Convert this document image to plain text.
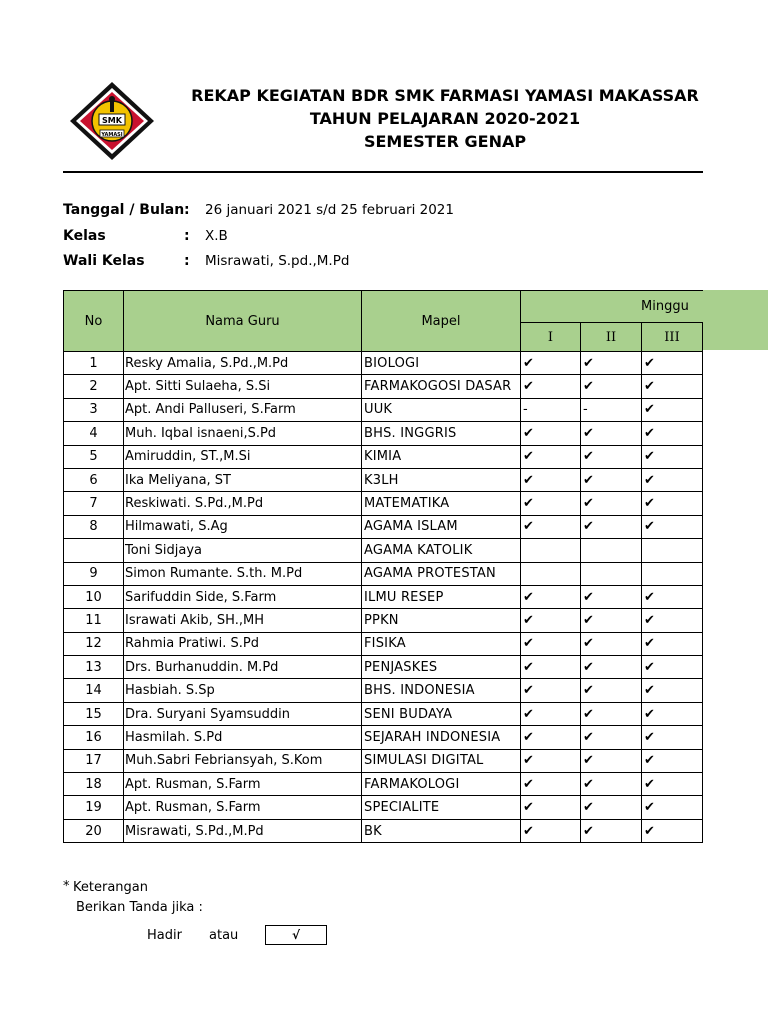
SMK
YAMASI
REKAP KEGIATAN BDR SMK FARMASI YAMASI MAKASSAR
TAHUN PELAJARAN 2020-2021
SEMESTER GENAP
Tanggal / Bulan : 26 januari 2021 s/d 25 februari 2021
Kelas	: X.B
Wali Kelas	: Misrawati, S.pd.,M.Pd
No	Nama Guru	Mapel	Minggu		
			I	II	III
1	Resky Amalia, S.Pd.,M.Pd	BIOLOGI	✔	✔	✔
2	Apt. Sitti Sulaeha, S.Si	FARMAKOGOSI DASAR	✔	✔	✔
3	Apt. Andi Palluseri, S.Farm	UUK	-	-	✔
4	Muh. Iqbal isnaeni,S.Pd	BHS. INGGRIS	✔	✔	✔
5	Amiruddin, ST.,M.Si	KIMIA	✔	✔	✔
6	Ika Meliyana, ST	K3LH	✔	✔	✔
7	Reskiwati. S.Pd.,M.Pd	MATEMATIKA	✔	✔	✔
8	Hilmawati, S.Ag	AGAMA ISLAM	✔	✔	✔
	Toni Sidjaya	AGAMA KATOLIK			
9	Simon Rumante. S.th. M.Pd	AGAMA PROTESTAN			
10	Sarifuddin Side, S.Farm	ILMU RESEP	✔	✔	✔
11	Israwati Akib, SH.,MH	PPKN	✔	✔	✔
12	Rahmia Pratiwi. S.Pd	FISIKA	✔	✔	✔
13	Drs. Burhanuddin. M.Pd	PENJASKES	✔	✔	✔
14	Hasbiah. S.Sp	BHS. INDONESIA	✔	✔	✔
15	Dra. Suryani Syamsuddin	SENI BUDAYA	✔	✔	✔
16	Hasmilah. S.Pd	SEJARAH INDONESIA	✔	✔	✔
17	Muh.Sabri Febriansyah, S.Kom	SIMULASI DIGITAL	✔	✔	✔
18	Apt. Rusman, S.Farm	FARMAKOLOGI	✔	✔	✔
19	Apt. Rusman, S.Farm	SPECIALITE	✔	✔	✔
20	Misrawati, S.Pd.,M.Pd	BK	✔	✔	✔
* Keterangan
Berikan Tanda jika :
Hadir atau	√
